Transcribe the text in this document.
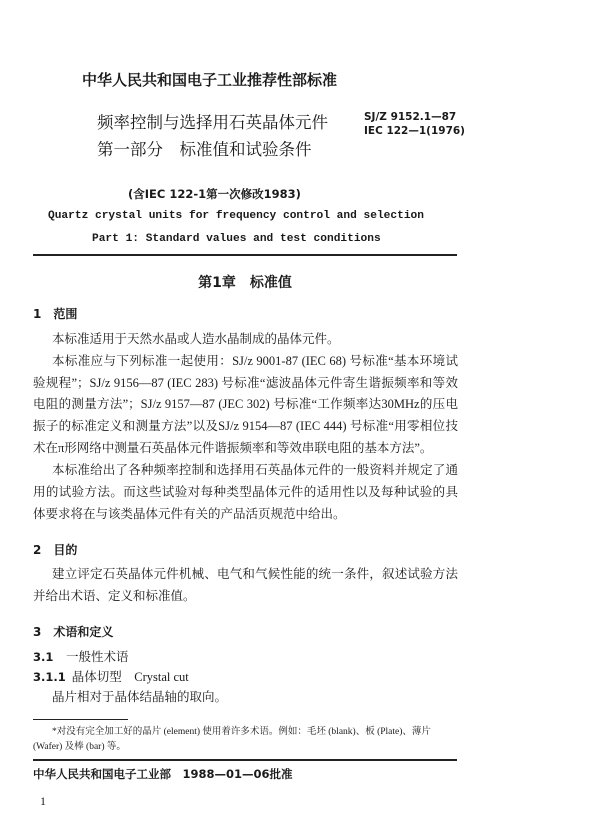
中华人民共和国电子工业推荐性部标准
频率控制与选择用石英晶体元件
第一部分　标准值和试验条件
SJ/Z 9152.1—87
IEC 122—1(1976)
(含IEC 122-1第一次修改1983)
Quartz crystal units for frequency control and selection
Part 1: Standard values and test conditions
第1章　标准值
1　范围

本标准适用于天然水晶或人造水晶制成的晶体元件。

本标准应与下列标准一起使用：SJ/z 9001-87 (IEC 68) 号标准“基本环境试验规程”；SJ/z 9156—87 (IEC 283) 号标准“滤波晶体元件寄生谐振频率和等效电阻的测量方法”；SJ/z 9157—87 (JEC 302) 号标准“工作频率达30MHz的压电振子的标准定义和测量方法”以及SJ/z 9154—87 (IEC 444) 号标准“用零相位技术在π形网络中测量石英晶体元件谐振频率和等效串联电阻的基本方法”。

本标准给出了各种频率控制和选择用石英晶体元件的一般资料并规定了通用的试验方法。而这些试验对每种类型晶体元件的适用性以及每种试验的具体要求将在与该类晶体元件有关的产品活页规范中给出。

2　目的

建立评定石英晶体元件机械、电气和气候性能的统一条件，叙述试验方法并给出术语、定义和标准值。

3　术语和定义
3.1 一般性术语
3.1.1 晶体切型　Crystal cut

晶片相对于晶体结晶轴的取向。

*对没有完全加工好的晶片 (element) 使用着许多术语。例如：毛坯 (blank)、板 (Plate)、薄片 (Wafer) 及棒 (bar) 等。
中华人民共和国电子工业部　1988—01—06批准
1
